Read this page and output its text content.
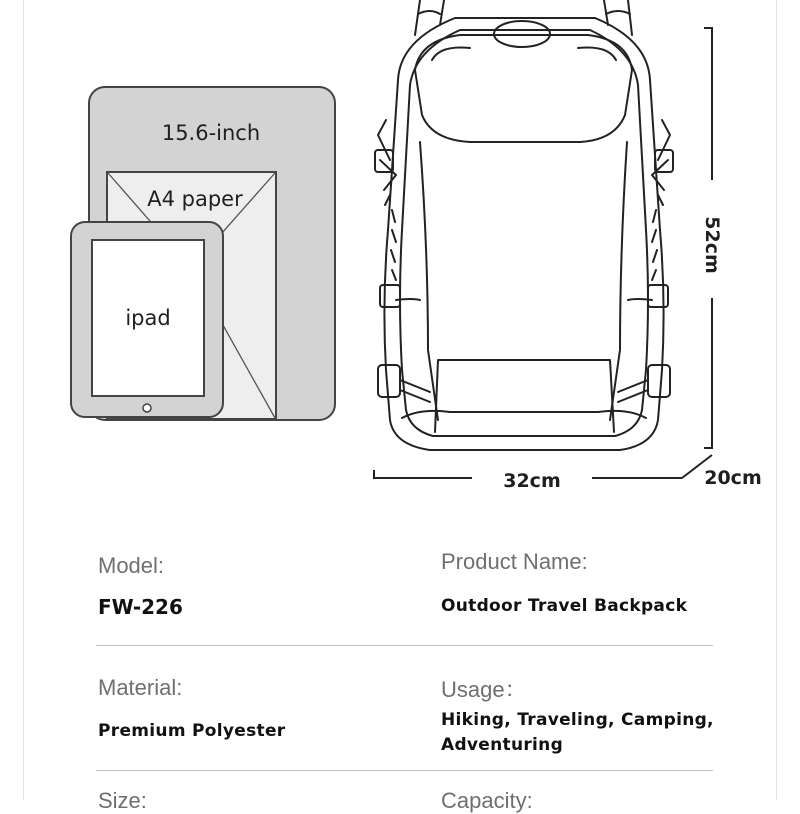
15.6-inch
A4 paper
ipad
52cm
32cm	20cm
Model:
FW-226
Product Name:
Outdoor Travel Backpack
Material:
Premium Polyester
Usage：
Hiking, Traveling, Camping,
Adventuring
Size:	Capacity:
